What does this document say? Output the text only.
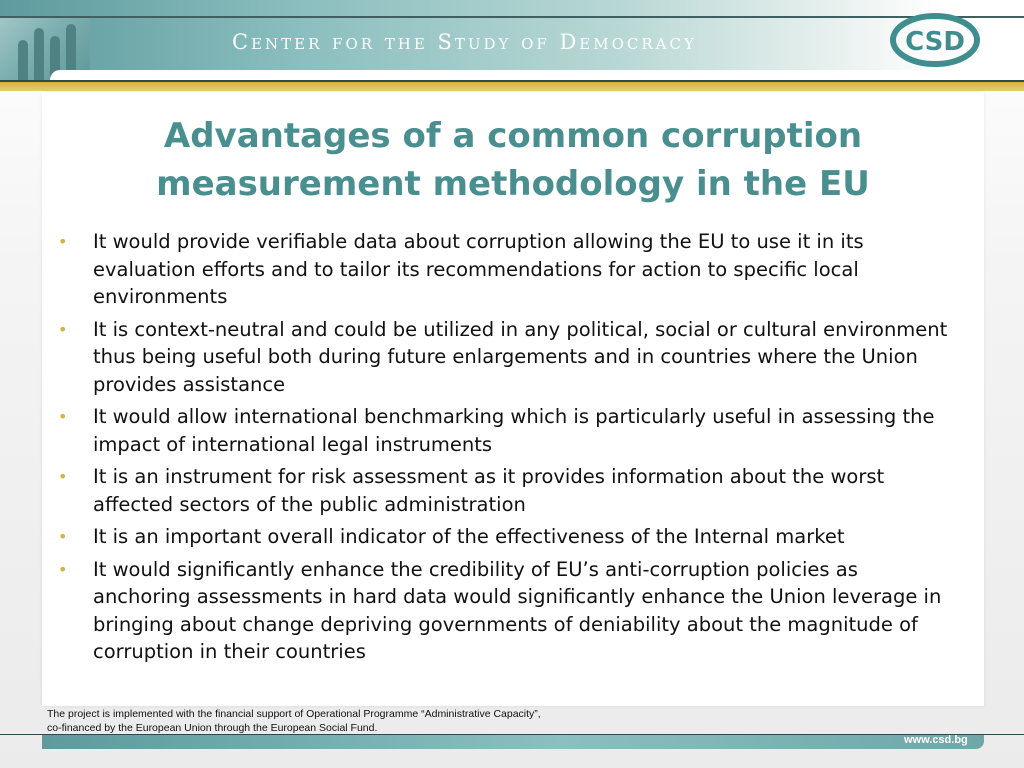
Center for the Study of Democracy	CSD
Advantages of a common corruption
measurement methodology in the EU
• It would provide verifiable data about corruption allowing the EU to use it in its evaluation efforts and to tailor its recommendations for action to specific local environments
• It is context-neutral and could be utilized in any political, social or cultural environment thus being useful both during future enlargements and in countries where the Union provides assistance
• It would allow international benchmarking which is particularly useful in assessing the impact of international legal instruments
• It is an instrument for risk assessment as it provides information about the worst affected sectors of the public administration
• It is an important overall indicator of the effectiveness of the Internal market
• It would significantly enhance the credibility of EU’s anti-corruption policies as anchoring assessments in hard data would significantly enhance the Union leverage in bringing about change depriving governments of deniability about the magnitude of corruption in their countries
The project is implemented with the financial support of Operational Programme “Administrative Capacity”,
co-financed by the European Union through the European Social Fund.
www.csd.bg
